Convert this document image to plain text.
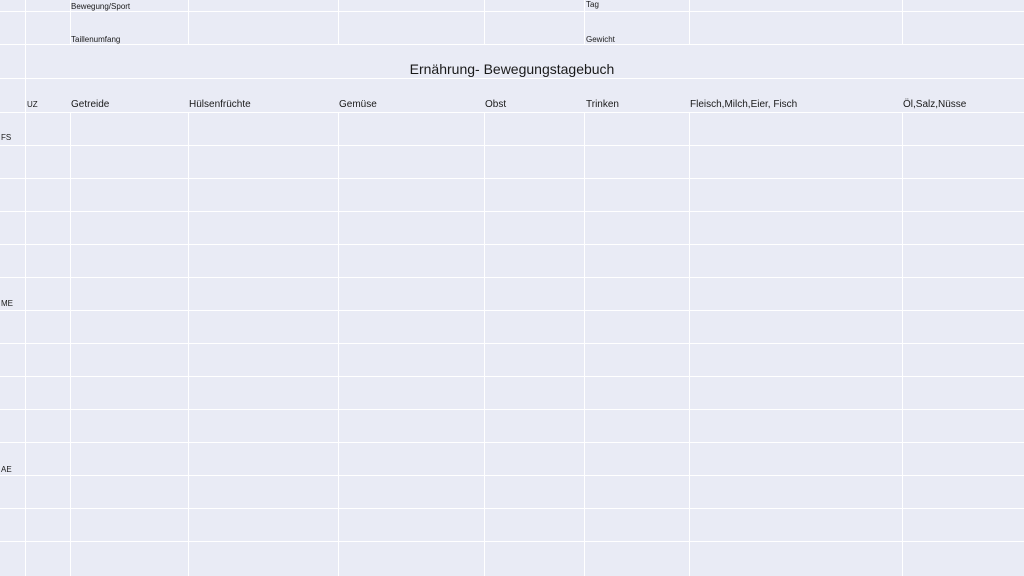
Bewegung/Sport	Tag
Taillenumfang	Gewicht
Ernährung- Bewegungstagebuch
UZ	Getreide	Hülsenfrüchte	Gemüse	Obst	Trinken	Fleisch,Milch,Eier, Fisch	Öl,Salz,Nüsse
FS
ME
AE
